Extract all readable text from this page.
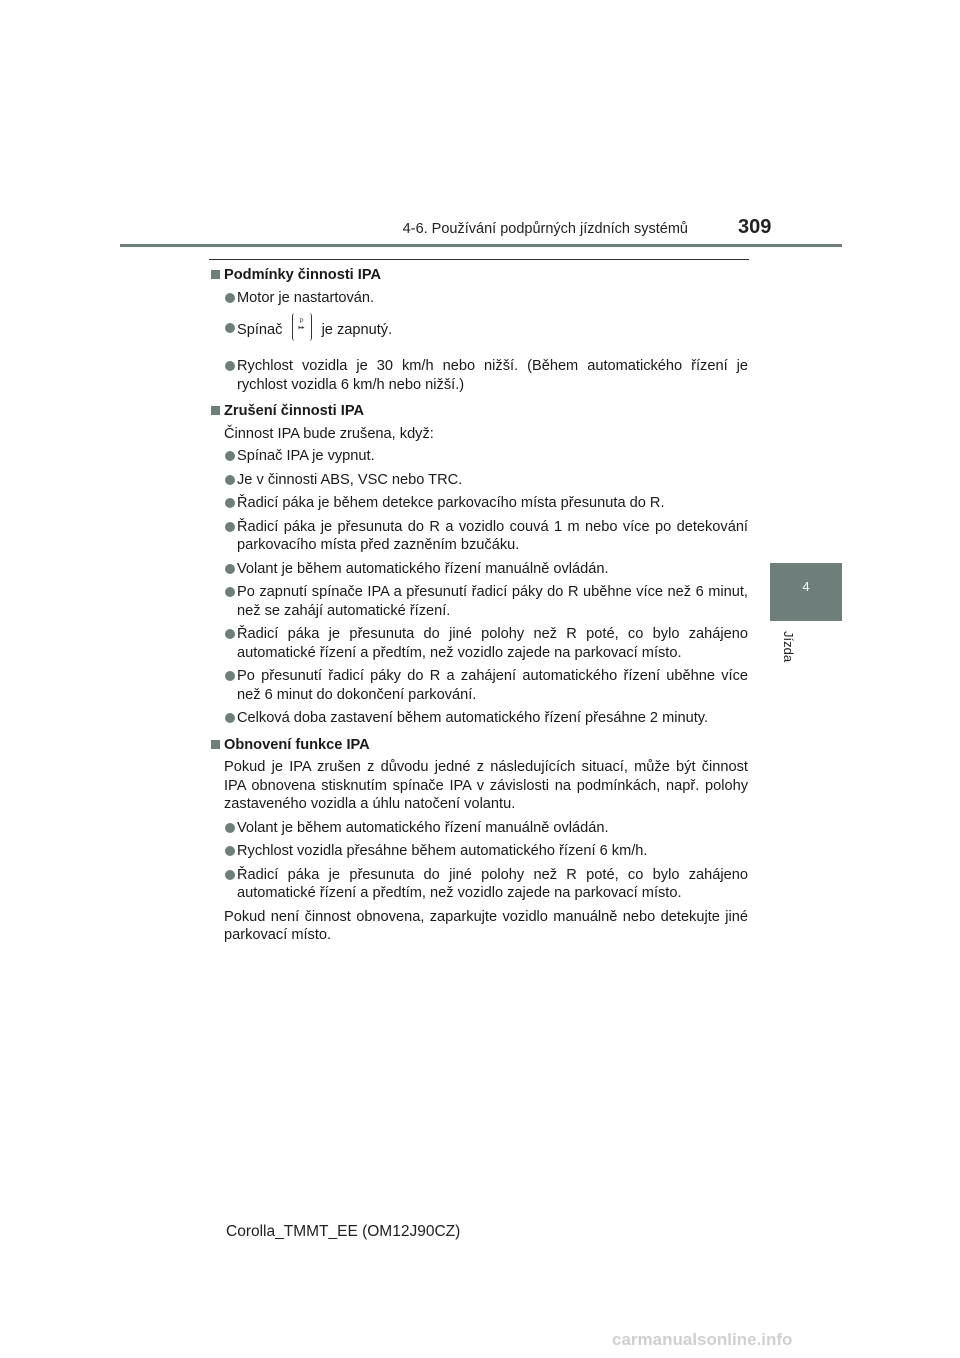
4-6. Používání podpůrných jízdních systémů	309
4
Jízda
Podmínky činnosti IPA
Motor je nastartován.
Spínač	P
▸▸	je zapnutý.
Rychlost vozidla je 30 km/h nebo nižší. (Během automatického řízení je rychlost vozidla 6 km/h nebo nižší.)
Zrušení činnosti IPA
Činnost IPA bude zrušena, když:
Spínač IPA je vypnut.
Je v činnosti ABS, VSC nebo TRC.
Řadicí páka je během detekce parkovacího místa přesunuta do R.
Řadicí páka je přesunuta do R a vozidlo couvá 1 m nebo více po detekování parkovacího místa před zazněním bzučáku.
Volant je během automatického řízení manuálně ovládán.
Po zapnutí spínače IPA a přesunutí řadicí páky do R uběhne více než 6 minut, než se zahájí automatické řízení.
Řadicí páka je přesunuta do jiné polohy než R poté, co bylo zahájeno automatické řízení a předtím, než vozidlo zajede na parkovací místo.
Po přesunutí řadicí páky do R a zahájení automatického řízení uběhne více než 6 minut do dokončení parkování.
Celková doba zastavení během automatického řízení přesáhne 2 minuty.
Obnovení funkce IPA
Pokud je IPA zrušen z důvodu jedné z následujících situací, může být činnost IPA obnovena stisknutím spínače IPA v závislosti na podmínkách, např. polohy zastaveného vozidla a úhlu natočení volantu.
Volant je během automatického řízení manuálně ovládán.
Rychlost vozidla přesáhne během automatického řízení 6 km/h.
Řadicí páka je přesunuta do jiné polohy než R poté, co bylo zahájeno automatické řízení a předtím, než vozidlo zajede na parkovací místo.
Pokud není činnost obnovena, zaparkujte vozidlo manuálně nebo detekujte jiné parkovací místo.
Corolla_TMMT_EE (OM12J90CZ)
carmanualsonline.info
